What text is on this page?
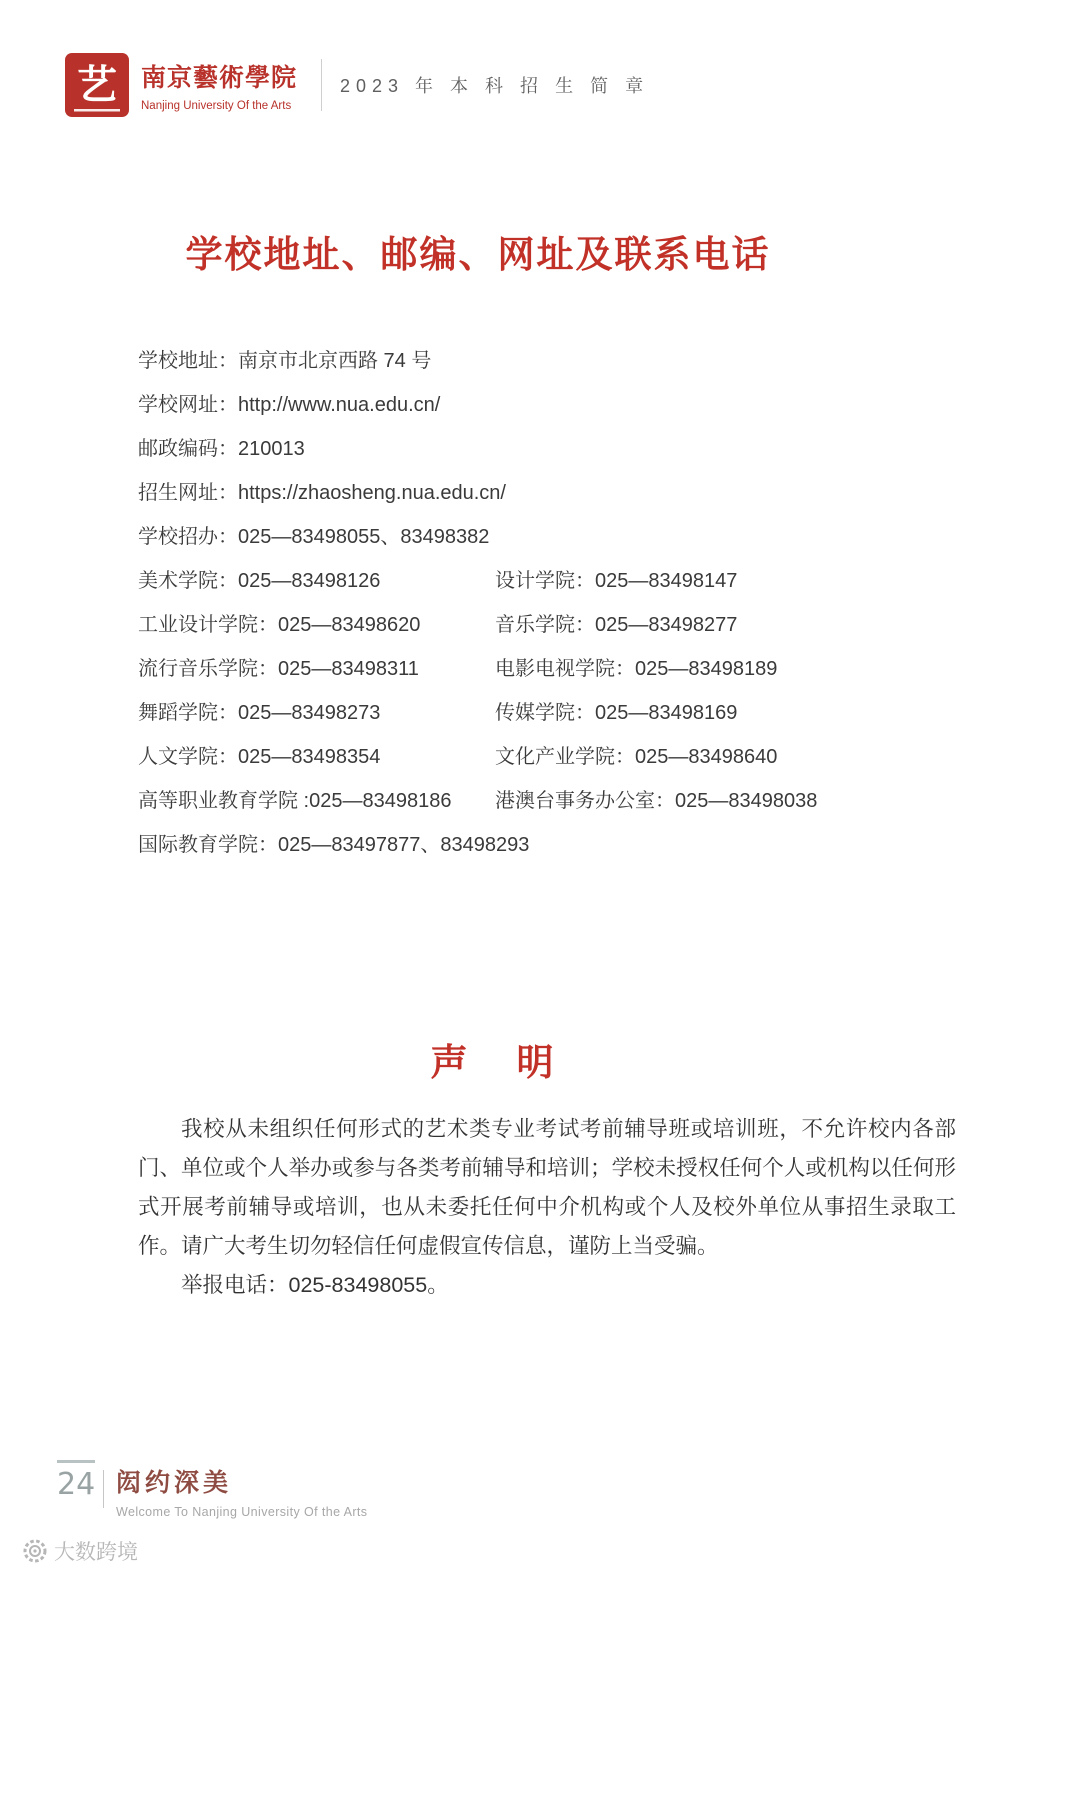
艺 南京藝術學院
Nanjing University Of the Arts
2023 年 本 科 招 生 简 章
学校地址、邮编、网址及联系电话
学校地址：南京市北京西路 74 号
学校网址：http://www.nua.edu.cn/
邮政编码：210013
招生网址：https://zhaosheng.nua.edu.cn/
学校招办：025—83498055、83498382
美术学院：025—83498126	设计学院：025—83498147
工业设计学院：025—83498620	音乐学院：025—83498277
流行音乐学院：025—83498311	电影电视学院：025—83498189
舞蹈学院：025—83498273	传媒学院：025—83498169
人文学院：025—83498354	文化产业学院：025—83498640
高等职业教育学院 :025—83498186	港澳台事务办公室：025—83498038
国际教育学院：025—83497877、83498293
声　明

我校从未组织任何形式的艺术类专业考试考前辅导班或培训班，不允许校内各部门、单位或个人举办或参与各类考前辅导和培训；学校未授权任何个人或机构以任何形式开展考前辅导或培训，也从未委托任何中介机构或个人及校外单位从事招生录取工作。请广大考生切勿轻信任何虚假宣传信息，谨防上当受骗。

举报电话：025-83498055。

24 闳约深美
Welcome To Nanjing University Of the Arts
大数跨境
